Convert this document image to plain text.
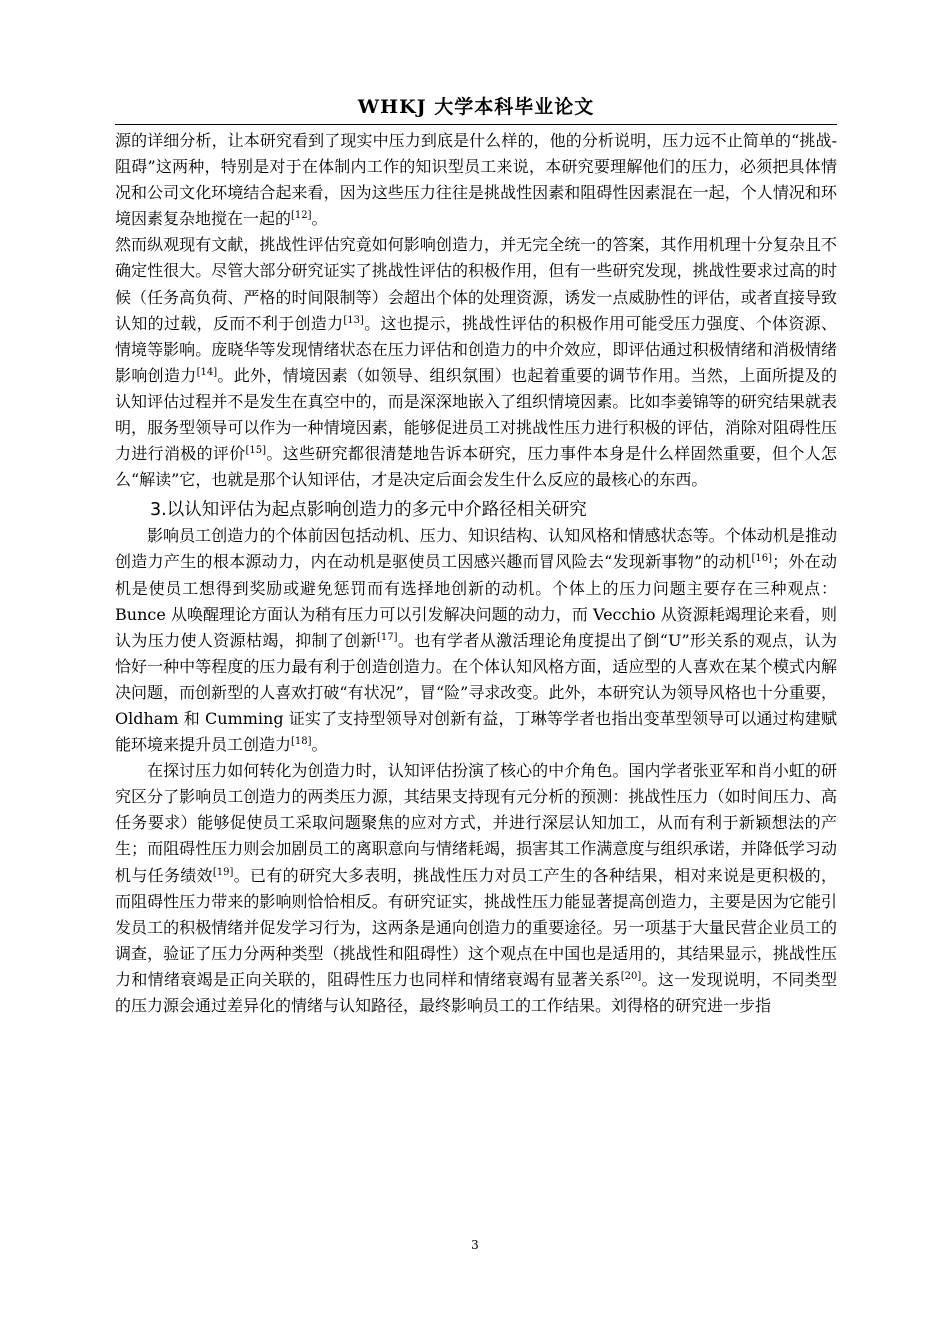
WHKJ 大学本科毕业论文

源的详细分析，让本研究看到了现实中压力到底是什么样的，他的分析说明，压力远不止简单的“挑战-阻碍”这两种，特别是对于在体制内工作的知识型员工来说，本研究要理解他们的压力，必须把具体情况和公司文化环境结合起来看，因为这些压力往往是挑战性因素和阻碍性因素混在一起，个人情况和环境因素复杂地搅在一起的[12]。

然而纵观现有文献，挑战性评估究竟如何影响创造力，并无完全统一的答案，其作用机理十分复杂且不确定性很大。尽管大部分研究证实了挑战性评估的积极作用，但有一些研究发现，挑战性要求过高的时候（任务高负荷、严格的时间限制等）会超出个体的处理资源，诱发一点威胁性的评估，或者直接导致认知的过载，反而不利于创造力[13]。这也提示，挑战性评估的积极作用可能受压力强度、个体资源、情境等影响。庞晓华等发现情绪状态在压力评估和创造力的中介效应，即评估通过积极情绪和消极情绪影响创造力[14]。此外，情境因素（如领导、组织氛围）也起着重要的调节作用。当然，上面所提及的认知评估过程并不是发生在真空中的，而是深深地嵌入了组织情境因素。比如李姜锦等的研究结果就表明，服务型领导可以作为一种情境因素，能够促进员工对挑战性压力进行积极的评估，消除对阻碍性压力进行消极的评价[15]。这些研究都很清楚地告诉本研究，压力事件本身是什么样固然重要，但个人怎么“解读”它，也就是那个认知评估，才是决定后面会发生什么反应的最核心的东西。

3.以认知评估为起点影响创造力的多元中介路径相关研究

影响员工创造力的个体前因包括动机、压力、知识结构、认知风格和情感状态等。个体动机是推动创造力产生的根本源动力，内在动机是驱使员工因感兴趣而冒风险去“发现新事物”的动机[16]；外在动机是使员工想得到奖励或避免惩罚而有选择地创新的动机。个体上的压力问题主要存在三种观点：Bunce 从唤醒理论方面认为稍有压力可以引发解决问题的动力，而 Vecchio 从资源耗竭理论来看，则认为压力使人资源枯竭，抑制了创新[17]。也有学者从激活理论角度提出了倒“U”形关系的观点，认为恰好一种中等程度的压力最有利于创造创造力。在个体认知风格方面，适应型的人喜欢在某个模式内解决问题，而创新型的人喜欢打破“有状况”，冒“险”寻求改变。此外，本研究认为领导风格也十分重要，Oldham 和 Cumming 证实了支持型领导对创新有益，丁琳等学者也指出变革型领导可以通过构建赋能环境来提升员工创造力[18]。

在探讨压力如何转化为创造力时，认知评估扮演了核心的中介角色。国内学者张亚军和肖小虹的研究区分了影响员工创造力的两类压力源，其结果支持现有元分析的预测：挑战性压力（如时间压力、高任务要求）能够促使员工采取问题聚焦的应对方式，并进行深层认知加工，从而有利于新颖想法的产生；而阻碍性压力则会加剧员工的离职意向与情绪耗竭，损害其工作满意度与组织承诺，并降低学习动机与任务绩效[19]。已有的研究大多表明，挑战性压力对员工产生的各种结果，相对来说是更积极的，而阻碍性压力带来的影响则恰恰相反。有研究证实，挑战性压力能显著提高创造力，主要是因为它能引发员工的积极情绪并促发学习行为，这两条是通向创造力的重要途径。另一项基于大量民营企业员工的调查，验证了压力分两种类型（挑战性和阻碍性）这个观点在中国也是适用的，其结果显示，挑战性压力和情绪衰竭是正向关联的，阻碍性压力也同样和情绪衰竭有显著关系[20]。这一发现说明，不同类型的压力源会通过差异化的情绪与认知路径，最终影响员工的工作结果。刘得格的研究进一步指

3
